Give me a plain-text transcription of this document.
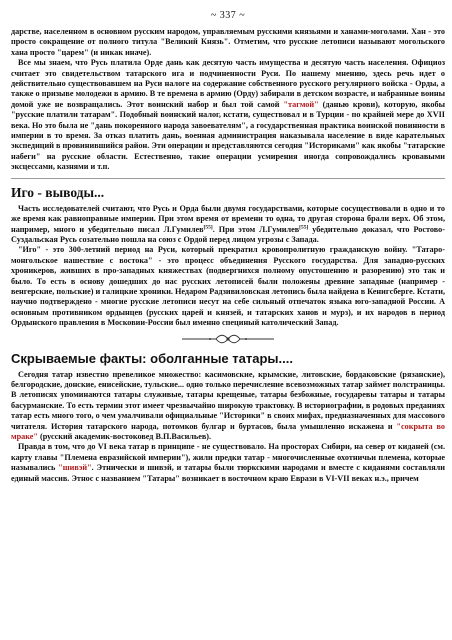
~ 337 ~

дарстве, населенном в основном русским народом, управляемым русскими князьями и ханами-моголами. Хан - это просто сокращение от полного титула "Великий Князь". Отметим, что русские летописи называют могольского хана просто "царем" (и никак иначе).

Все мы знаем, что Русь платила Орде дань как десятую часть имущества и десятую часть населения. Официоз считает это свидетельством татарского ига и подчиненности Руси. По нашему мнению, здесь речь идет о действительно существовавшем на Руси налоге на содержание собственного русского регулярного войска - Орды, а также о призыве молодежи в армию. В те времена в армию (Орду) забирали в детском возрасте, и набранные воины домой уже не возвращались. Этот воинский набор и был той самой "тагмой" (данью крови), которую, якобы "русские платили татарам". Подобный воинский налог, кстати, существовал и в Турции - по крайней мере до XVII века. Но это была не "дань покоренного народа завоевателям", а государственная практика воинской повинности в империи в то время. За отказ платить дань, военная администрация наказывала население в виде карательных экспедиций в провинившийся район. Эти операции и представляются сегодня "Историками" как якобы "татарские набеги" на русские области. Естественно, такие операции усмирения иногда сопровождались кровавыми эксцессами, казнями и т.п.

Иго - выводы...

Часть исследователей считают, что Русь и Орда были двумя государствами, которые сосуществовали в одно и то же время как равноправные империи. При этом время от времени то одна, то другая сторона брали верх. Об этом, например, много и убедительно писал Л.Гумилев[55]. При этом Л.Гумилев[55] убедительно доказал, что Ростово-Суздальская Русь созательно пошла на союз с Ордой перед лицом угрозы с Запада.

"Иго" - это 300-летний период на Руси, который прекратил кровопролитную гражданскую войну. "Татаро-монгольское нашествие с востока" - это процесс объединения Русского государства. Для западно-русских хроникеров, живших в про-западных княжествах (подвергнихся полному опустошению и разорению) это так и было. То есть в основу дошедших до нас русских летописей были положены древние западные (например - венгерские, польские) и галицкие хроники. Недаром Радзивиловская летопись была найдена в Кенигсберге. Кстати, научно подтверждено - многие русские летописи несут на себе сильный отпечаток языка юго-западной России. А основным противником ордынцев (русских царей и князей, и татарских ханов и мурз), и их народов в период Ордынского правления в Московии-России был именно специный католический Запад.

Скрываемые факты: оболганные татары....

Сегодня татар известно превеликое множество: касимовские, крымские, литовские, бордаковские (рязанские), белгородские, донские, енисейские, тульские... одно только перечисление всевозможных татар займет полстраницы. В летописях упоминаются татары служивые, татары крещеные, татары безбожные, государевы татары и татары басурманские. То есть термин этот имеет чрезвычайно широкую трактовку. В историографии, в родовых преданиях татар есть много того, о чем умалчивали официальные "Историки" в своих мифах, предназначенных для массового читателя. История татарского народа, потомков булгар и буртасов, была умышленно искажена и "сокрыта во мраке" (русский академик-востоковед В.П.Васильев).

Правда в том, что до VI века татар в принципе - не существовало. На просторах Сибири, на север от киданей (см. карту главы "Племена евразийской империи"), жили предки татар - многочисленные охотничьи племена, которые назывались "шивэй". Этнически и шивэй, и татары были тюркскими народами и вместе с киданями составляли единый массив. Этнос с названием "Татары" возникает в восточном краю Еврази в VI-VII веках н.э., причем
